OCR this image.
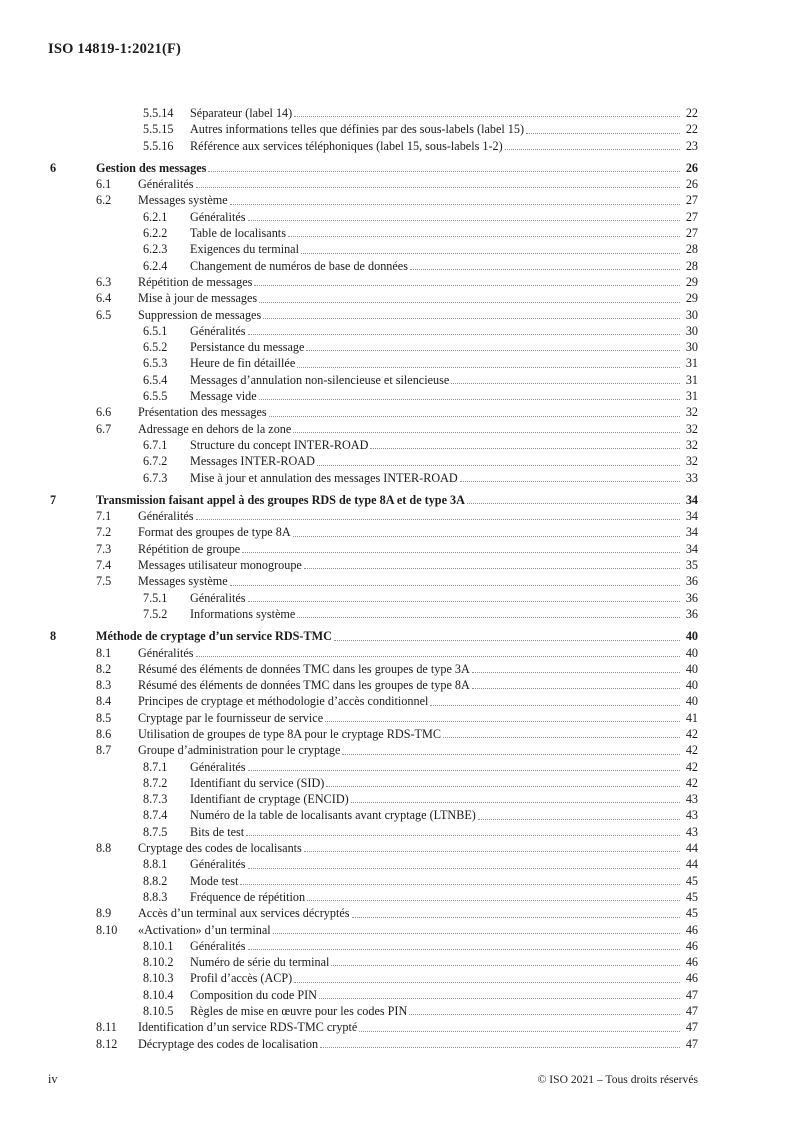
ISO 14819-1:2021(F)
5.5.14	Séparateur (label 14)	22
5.5.15	Autres informations telles que définies par des sous-labels (label 15)	22
5.5.16	Référence aux services téléphoniques (label 15, sous-labels 1-2)	23
6	Gestion des messages	26
6.1	Généralités	26
6.2	Messages système	27
6.2.1	Généralités	27
6.2.2	Table de localisants	27
6.2.3	Exigences du terminal	28
6.2.4	Changement de numéros de base de données	28
6.3	Répétition de messages	29
6.4	Mise à jour de messages	29
6.5	Suppression de messages	30
6.5.1	Généralités	30
6.5.2	Persistance du message	30
6.5.3	Heure de fin détaillée	31
6.5.4	Messages d’annulation non-silencieuse et silencieuse	31
6.5.5	Message vide	31
6.6	Présentation des messages	32
6.7	Adressage en dehors de la zone	32
6.7.1	Structure du concept INTER-ROAD	32
6.7.2	Messages INTER-ROAD	32
6.7.3	Mise à jour et annulation des messages INTER-ROAD	33
7	Transmission faisant appel à des groupes RDS de type 8A et de type 3A	34
7.1	Généralités	34
7.2	Format des groupes de type 8A	34
7.3	Répétition de groupe	34
7.4	Messages utilisateur monogroupe	35
7.5	Messages système	36
7.5.1	Généralités	36
7.5.2	Informations système	36
8	Méthode de cryptage d’un service RDS-TMC	40
8.1	Généralités	40
8.2	Résumé des éléments de données TMC dans les groupes de type 3A	40
8.3	Résumé des éléments de données TMC dans les groupes de type 8A	40
8.4	Principes de cryptage et méthodologie d’accès conditionnel	40
8.5	Cryptage par le fournisseur de service	41
8.6	Utilisation de groupes de type 8A pour le cryptage RDS-TMC	42
8.7	Groupe d’administration pour le cryptage	42
8.7.1	Généralités	42
8.7.2	Identifiant du service (SID)	42
8.7.3	Identifiant de cryptage (ENCID)	43
8.7.4	Numéro de la table de localisants avant cryptage (LTNBE)	43
8.7.5	Bits de test	43
8.8	Cryptage des codes de localisants	44
8.8.1	Généralités	44
8.8.2	Mode test	45
8.8.3	Fréquence de répétition	45
8.9	Accès d’un terminal aux services décryptés	45
8.10	«Activation» d’un terminal	46
8.10.1	Généralités	46
8.10.2	Numéro de série du terminal	46
8.10.3	Profil d’accès (ACP)	46
8.10.4	Composition du code PIN	47
8.10.5	Règles de mise en œuvre pour les codes PIN	47
8.11	Identification d’un service RDS-TMC crypté	47
8.12	Décryptage des codes de localisation	47
iv	© ISO 2021 – Tous droits réservés
